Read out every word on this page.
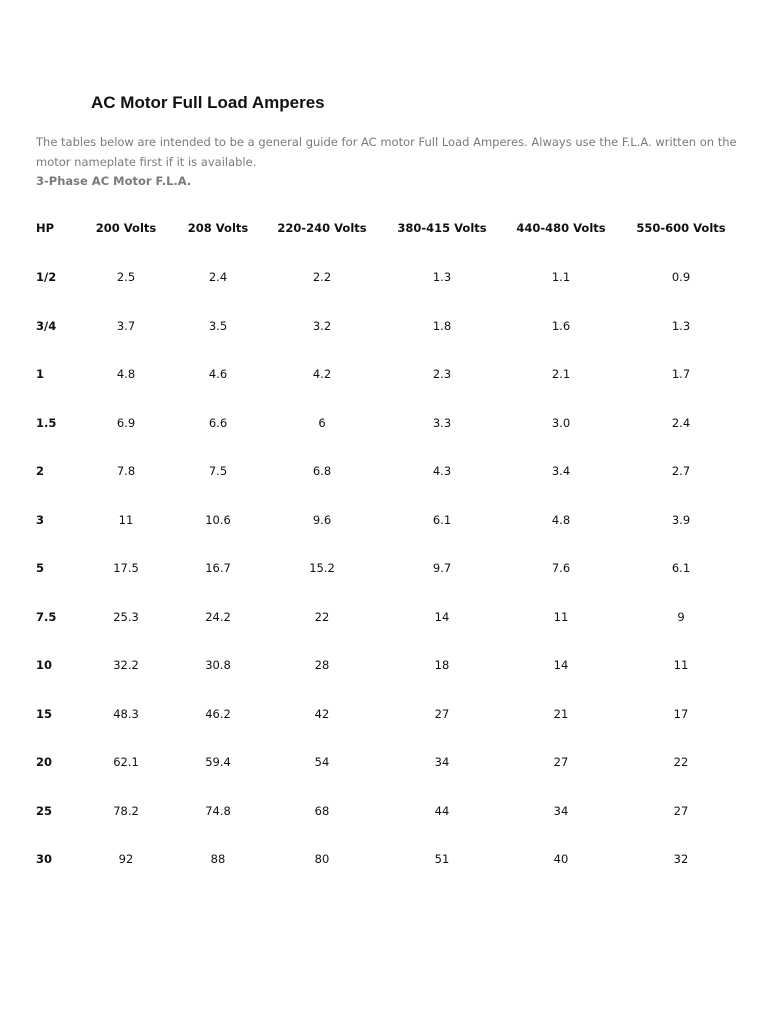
AC Motor Full Load Amperes

The tables below are intended to be a general guide for AC motor Full Load Amperes. Always use the F.L.A. written on the

motor nameplate first if it is available.

3-Phase AC Motor F.L.A.

HP	200 Volts	208 Volts	220-240 Volts	380-415 Volts	440-480 Volts	550-600 Volts
1/2	2.5	2.4	2.2	1.3	1.1	0.9
3/4	3.7	3.5	3.2	1.8	1.6	1.3
1	4.8	4.6	4.2	2.3	2.1	1.7
1.5	6.9	6.6	6	3.3	3.0	2.4
2	7.8	7.5	6.8	4.3	3.4	2.7
3	11	10.6	9.6	6.1	4.8	3.9
5	17.5	16.7	15.2	9.7	7.6	6.1
7.5	25.3	24.2	22	14	11	9
10	32.2	30.8	28	18	14	11
15	48.3	46.2	42	27	21	17
20	62.1	59.4	54	34	27	22
25	78.2	74.8	68	44	34	27
30	92	88	80	51	40	32
